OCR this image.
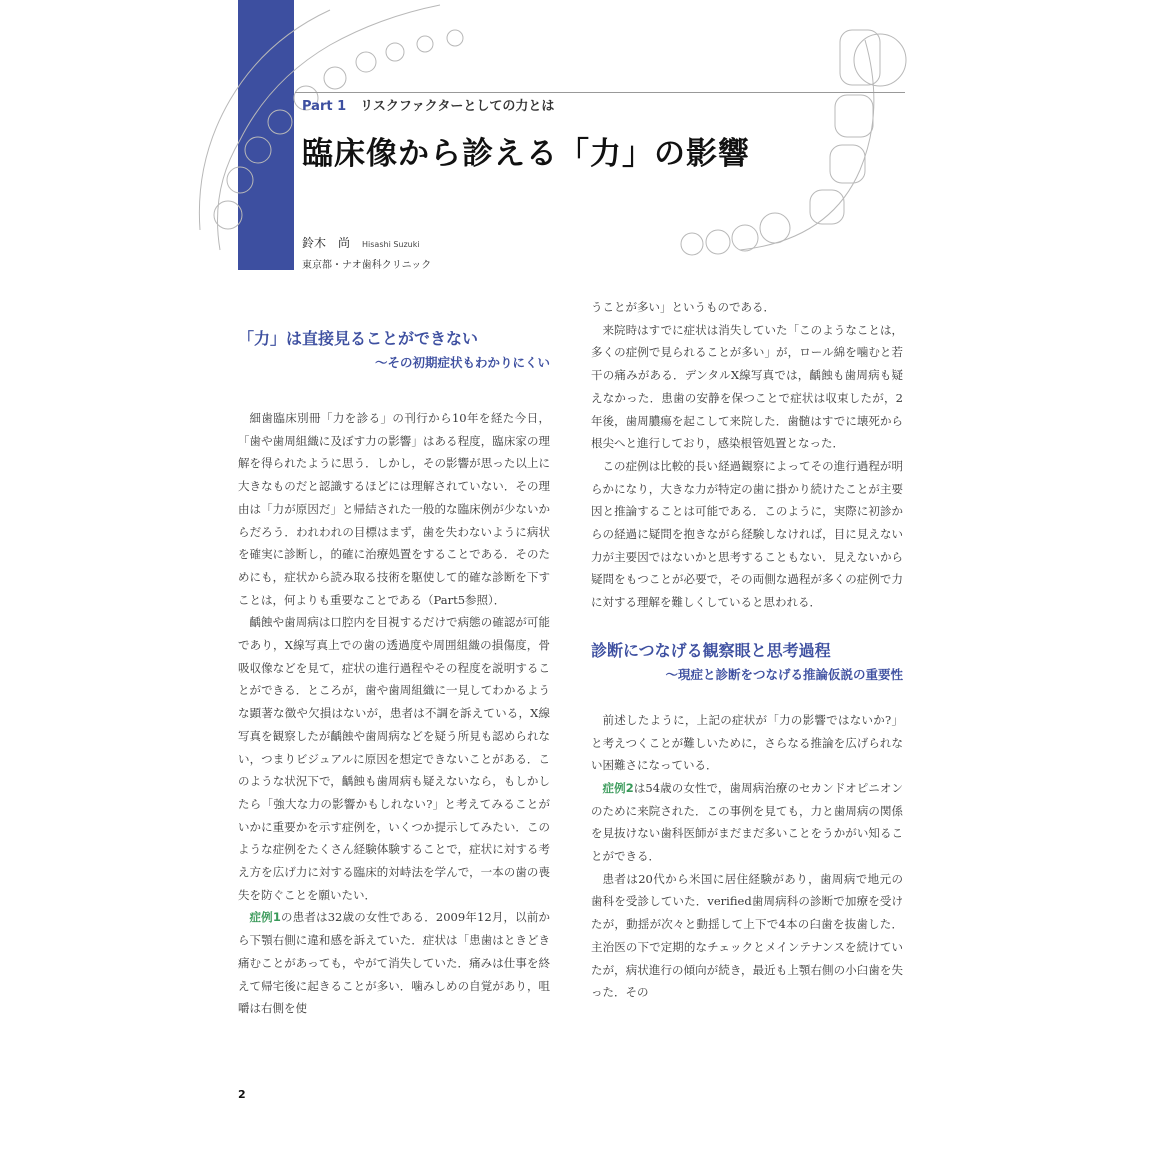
Part 1 リスクファクターとしての力とは
臨床像から診える「力」の影響
鈴木　尚 Hisashi Suzuki
東京都・ナオ歯科クリニック
「力」は直接見ることができない
〜その初期症状もわかりにくい

細歯臨床別冊「力を診る」の刊行から10年を経た今日，「歯や歯周組織に及ぼす力の影響」はある程度，臨床家の理解を得られたように思う．しかし，その影響が思った以上に大きなものだと認識するほどには理解されていない．その理由は「力が原因だ」と帰結された一般的な臨床例が少ないからだろう．われわれの目標はまず，歯を失わないように病状を確実に診断し，的確に治療処置をすることである．そのためにも，症状から読み取る技術を駆使して的確な診断を下すことは，何よりも重要なことである（Part5参照）．

齲蝕や歯周病は口腔内を目視するだけで病態の確認が可能であり，X線写真上での歯の透過度や周囲組織の損傷度，骨吸収像などを見て，症状の進行過程やその程度を説明することができる．ところが，歯や歯周組織に一見してわかるような顕著な徴や欠損はないが，患者は不調を訴えている，X線写真を観察したが齲蝕や歯周病などを疑う所見も認められない，つまりビジュアルに原因を想定できないことがある．このような状況下で，齲蝕も歯周病も疑えないなら，もしかしたら「強大な力の影響かもしれない?」と考えてみることがいかに重要かを示す症例を，いくつか提示してみたい．このような症例をたくさん経験体験することで，症状に対する考え方を広げ力に対する臨床的対峙法を学んで，一本の歯の喪失を防ぐことを願いたい．

症例1の患者は32歳の女性である．2009年12月，以前から下顎右側に違和感を訴えていた．症状は「患歯はときどき痛むことがあっても，やがて消失していた．痛みは仕事を終えて帰宅後に起きることが多い．噛みしめの自覚があり，咀嚼は右側を使

うことが多い」というものである．

来院時はすでに症状は消失していた「このようなことは，多くの症例で見られることが多い」が，ロール綿を噛むと若干の痛みがある．デンタルX線写真では，齲蝕も歯周病も疑えなかった．患歯の安静を保つことで症状は収束したが，2年後，歯周膿瘍を起こして来院した．歯髄はすでに壊死から根尖へと進行しており，感染根管処置となった．

この症例は比較的長い経過観察によってその進行過程が明らかになり，大きな力が特定の歯に掛かり続けたことが主要因と推論することは可能である．このように，実際に初診からの経過に疑問を抱きながら経験しなければ，目に見えない力が主要因ではないかと思考することもない．見えないから疑問をもつことが必要で，その両側な過程が多くの症例で力に対する理解を難しくしていると思われる．

診断につなげる観察眼と思考過程
〜現症と診断をつなげる推論仮説の重要性

前述したように，上記の症状が「力の影響ではないか?」と考えつくことが難しいために，さらなる推論を広げられない困難さになっている．

症例2は54歳の女性で，歯周病治療のセカンドオピニオンのために来院された．この事例を見ても，力と歯周病の関係を見抜けない歯科医師がまだまだ多いことをうかがい知ることができる．

患者は20代から米国に居住経験があり，歯周病で地元の歯科を受診していた．verified歯周病科の診断で加療を受けたが，動揺が次々と動揺して上下で4本の臼歯を抜歯した．主治医の下で定期的なチェックとメインテナンスを続けていたが，病状進行の傾向が続き，最近も上顎右側の小臼歯を失った．その

2
